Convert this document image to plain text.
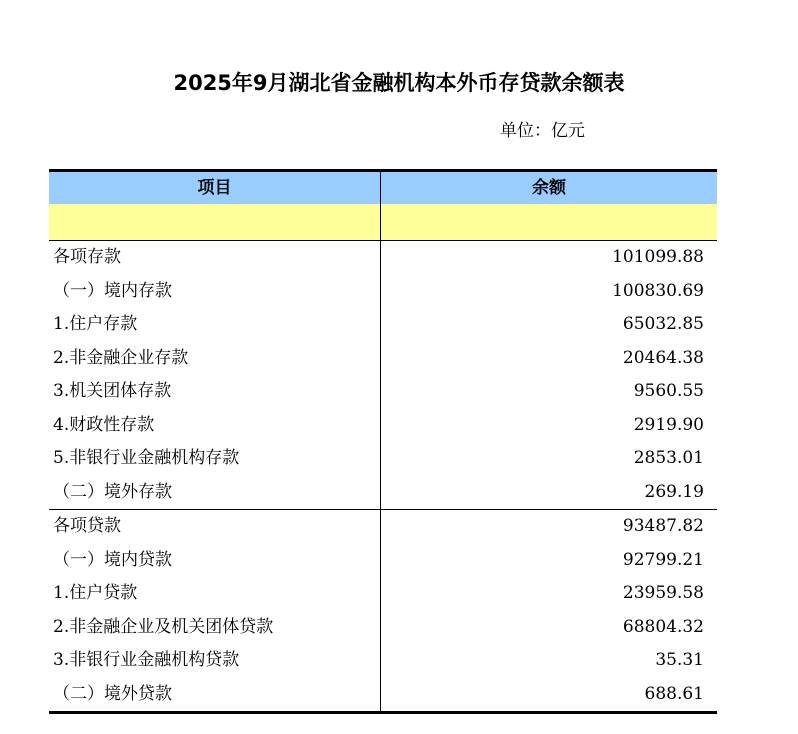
2025年9月湖北省金融机构本外币存贷款余额表
单位：亿元
项目	余额
各项存款
（一）境内存款
1.住户存款
2.非金融企业存款
3.机关团体存款
4.财政性存款
5.非银行业金融机构存款
（二）境外存款
101099.88
100830.69
65032.85
20464.38
9560.55
2919.90
2853.01
269.19
各项贷款
（一）境内贷款
1.住户贷款
2.非金融企业及机关团体贷款
3.非银行业金融机构贷款
（二）境外贷款
93487.82
92799.21
23959.58
68804.32
35.31
688.61
